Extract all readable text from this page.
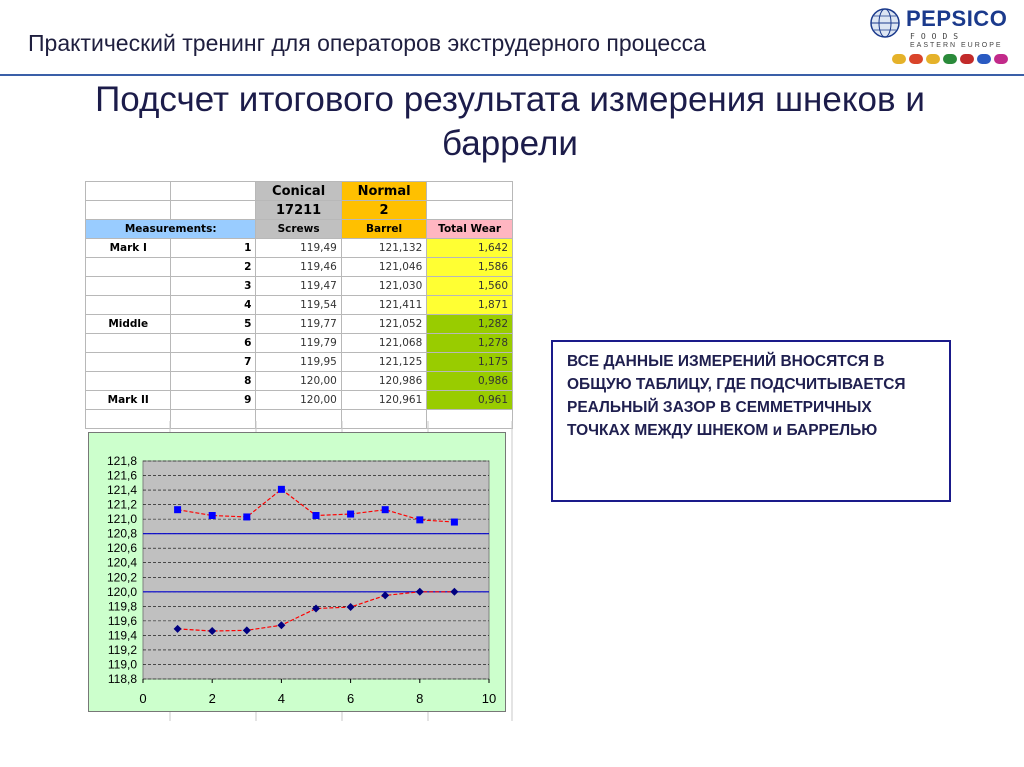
Практический тренинг для операторов экструдерного процесса
PEPSICO
FOODS
EASTERN EUROPE
Подсчет итогового результата измерения шнеков и баррели
		Conical	Normal	
		17211	2	
Measurements:		Screws	Barrel	Total Wear
Mark I	1	119,49	121,132	1,642
	2	119,46	121,046	1,586
	3	119,47	121,030	1,560
	4	119,54	121,411	1,871
Middle	5	119,77	121,052	1,282
	6	119,79	121,068	1,278
	7	119,95	121,125	1,175
	8	120,00	120,986	0,986
Mark II	9	120,00	120,961	0,961

118,8
119,0
119,2
119,4
119,6
119,8
120,0
120,2
120,4
120,6
120,8
121,0
121,2
121,4
121,6
121,8
0	2	4	6	8	10
ВСЕ ДАННЫЕ ИЗМЕРЕНИЙ ВНОСЯТСЯ В ОБЩУЮ ТАБЛИЦУ, ГДЕ ПОДСЧИТЫВАЕТСЯ РЕАЛЬНЫЙ ЗАЗОР В СЕММЕТРИЧНЫХ ТОЧКАХ МЕЖДУ ШНЕКОМ и БАРРЕЛЬЮ
